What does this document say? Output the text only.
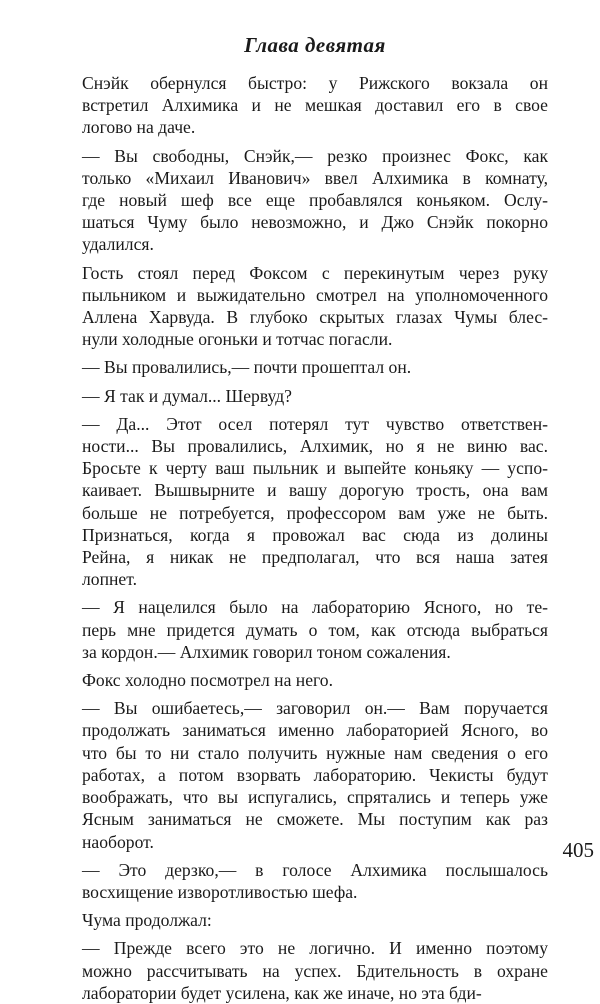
Глава девятая
Снэйк обернулся быстро: у Рижского вокзала он
встретил Алхимика и не мешкая доставил его в свое
логово на даче.
— Вы свободны, Снэйк,— резко произнес Фокс, как
только «Михаил Иванович» ввел Алхимика в комнату,
где новый шеф все еще пробавлялся коньяком. Ослу-
шаться Чуму было невозможно, и Джо Снэйк покорно
удалился.
Гость стоял перед Фоксом с перекинутым через руку
пыльником и выжидательно смотрел на уполномоченного
Аллена Харвуда. В глубоко скрытых глазах Чумы блес-
нули холодные огоньки и тотчас погасли.
— Вы провалились,— почти прошептал он.
— Я так и думал... Шервуд?
— Да... Этот осел потерял тут чувство ответствен-
ности... Вы провалились, Алхимик, но я не виню вас.
Бросьте к черту ваш пыльник и выпейте коньяку — успо-
каивает. Вышвырните и вашу дорогую трость, она вам
больше не потребуется, профессором вам уже не быть.
Признаться, когда я провожал вас сюда из долины
Рейна, я никак не предполагал, что вся наша затея
лопнет.
— Я нацелился было на лабораторию Ясного, но те-
перь мне придется думать о том, как отсюда выбраться
за кордон.— Алхимик говорил тоном сожаления.
Фокс холодно посмотрел на него.
— Вы ошибаетесь,— заговорил он.— Вам поручается
продолжать заниматься именно лабораторией Ясного, во
что бы то ни стало получить нужные нам сведения о его
работах, а потом взорвать лабораторию. Чекисты будут
воображать, что вы испугались, спрятались и теперь уже
Ясным заниматься не сможете. Мы поступим как раз
наоборот.
— Это дерзко,— в голосе Алхимика послышалось
восхищение изворотливостью шефа.
Чума продолжал:
— Прежде всего это не логично. И именно поэтому
можно рассчитывать на успех. Бдительность в охране
лаборатории будет усилена, как же иначе, но эта бди-
405
